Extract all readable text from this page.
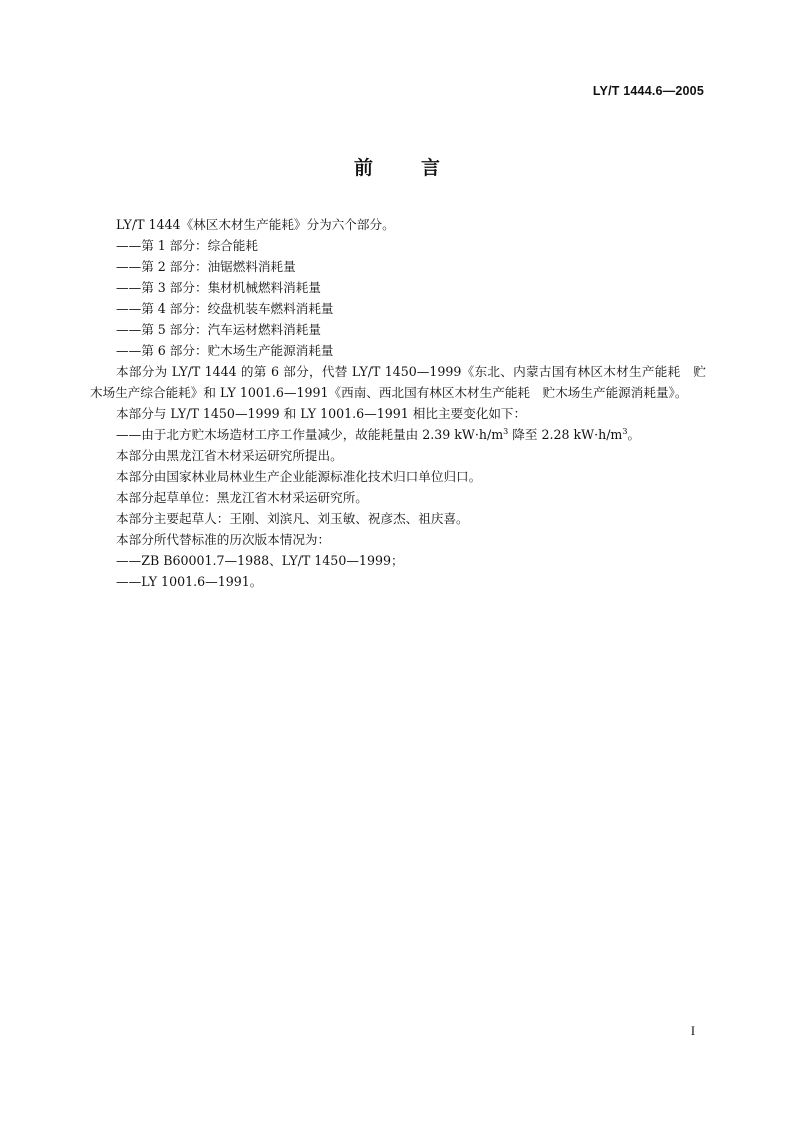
LY/T 1444.6—2005
前言

LY/T 1444《林区木材生产能耗》分为六个部分。

——第 1 部分：综合能耗

——第 2 部分：油锯燃料消耗量

——第 3 部分：集材机械燃料消耗量

——第 4 部分：绞盘机装车燃料消耗量

——第 5 部分：汽车运材燃料消耗量

——第 6 部分：贮木场生产能源消耗量

本部分为 LY/T 1444 的第 6 部分，代替 LY/T 1450—1999《东北、内蒙古国有林区木材生产能耗　贮木场生产综合能耗》和 LY 1001.6—1991《西南、西北国有林区木材生产能耗　贮木场生产能源消耗量》。

本部分与 LY/T 1450—1999 和 LY 1001.6—1991 相比主要变化如下：

——由于北方贮木场造材工序工作量减少，故能耗量由 2.39 $kW\cdot h/m^3$ 降至 2.28 $kW\cdot h/m^3$。

本部分由黑龙江省木材采运研究所提出。

本部分由国家林业局林业生产企业能源标准化技术归口单位归口。

本部分起草单位：黑龙江省木材采运研究所。

本部分主要起草人：王刚、刘滨凡、刘玉敏、祝彦杰、祖庆喜。

本部分所代替标准的历次版本情况为：

——ZB B60001.7—1988、LY/T 1450—1999；

——LY 1001.6—1991。

I
